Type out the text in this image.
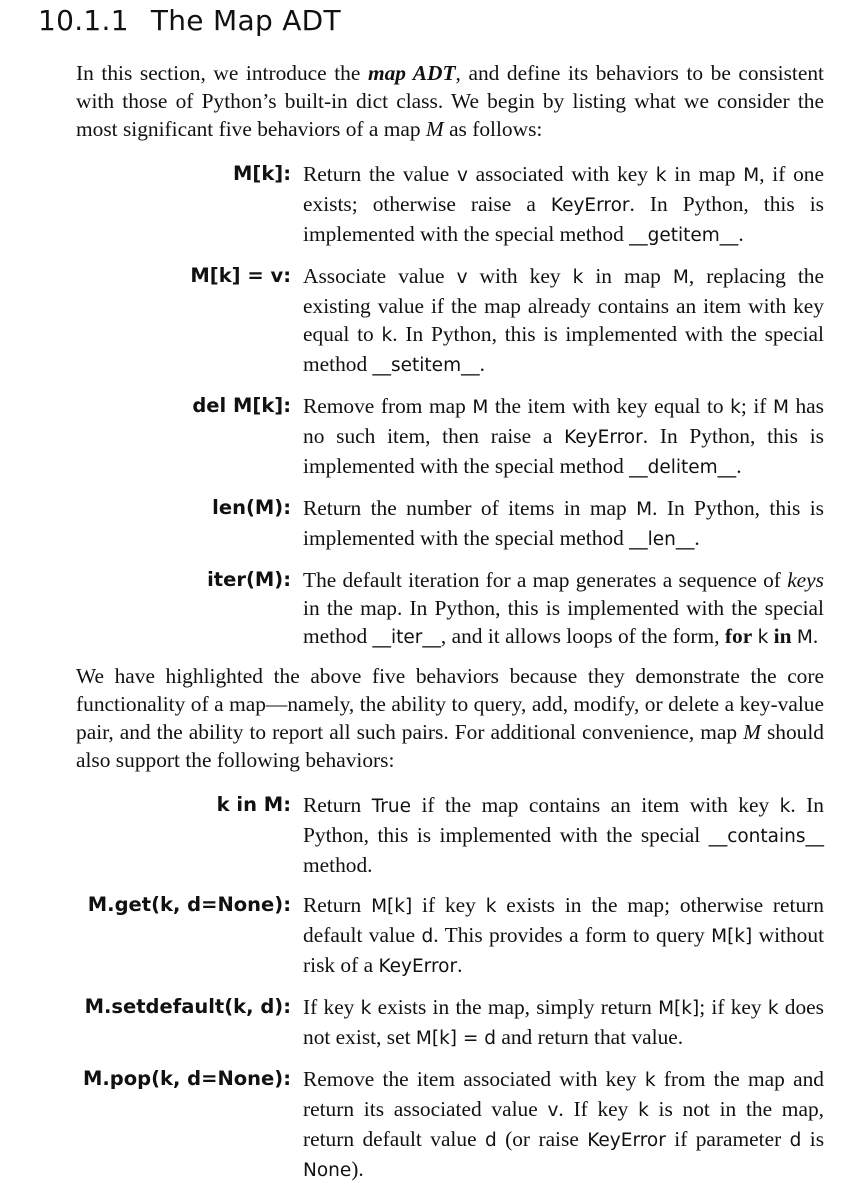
10.1.1 The Map ADT

In this section, we introduce the map ADT, and define its behaviors to be consistent with those of Python’s built-in dict class. We begin by listing what we consider the most significant five behaviors of a map M as follows:

M[k]: Return the value v associated with key k in map M, if one exists; otherwise raise a KeyError. In Python, this is implemented with the special method __getitem__.

M[k] = v: Associate value v with key k in map M, replacing the existing value if the map already contains an item with key equal to k. In Python, this is implemented with the special method __setitem__.

del M[k]: Remove from map M the item with key equal to k; if M has no such item, then raise a KeyError. In Python, this is implemented with the special method __delitem__.

len(M): Return the number of items in map M. In Python, this is implemented with the special method __len__.

iter(M): The default iteration for a map generates a sequence of keys in the map. In Python, this is implemented with the special method __iter__, and it allows loops of the form, for k in M.

We have highlighted the above five behaviors because they demonstrate the core functionality of a map—namely, the ability to query, add, modify, or delete a key-value pair, and the ability to report all such pairs. For additional convenience, map M should also support the following behaviors:

k in M: Return True if the map contains an item with key k. In Python, this is implemented with the special __contains__ method.

M.get(k, d=None): Return M[k] if key k exists in the map; otherwise return default value d. This provides a form to query M[k] without risk of a KeyError.

M.setdefault(k, d): If key k exists in the map, simply return M[k]; if key k does not exist, set M[k] = d and return that value.

M.pop(k, d=None): Remove the item associated with key k from the map and return its associated value v. If key k is not in the map, return default value d (or raise KeyError if parameter d is None).
